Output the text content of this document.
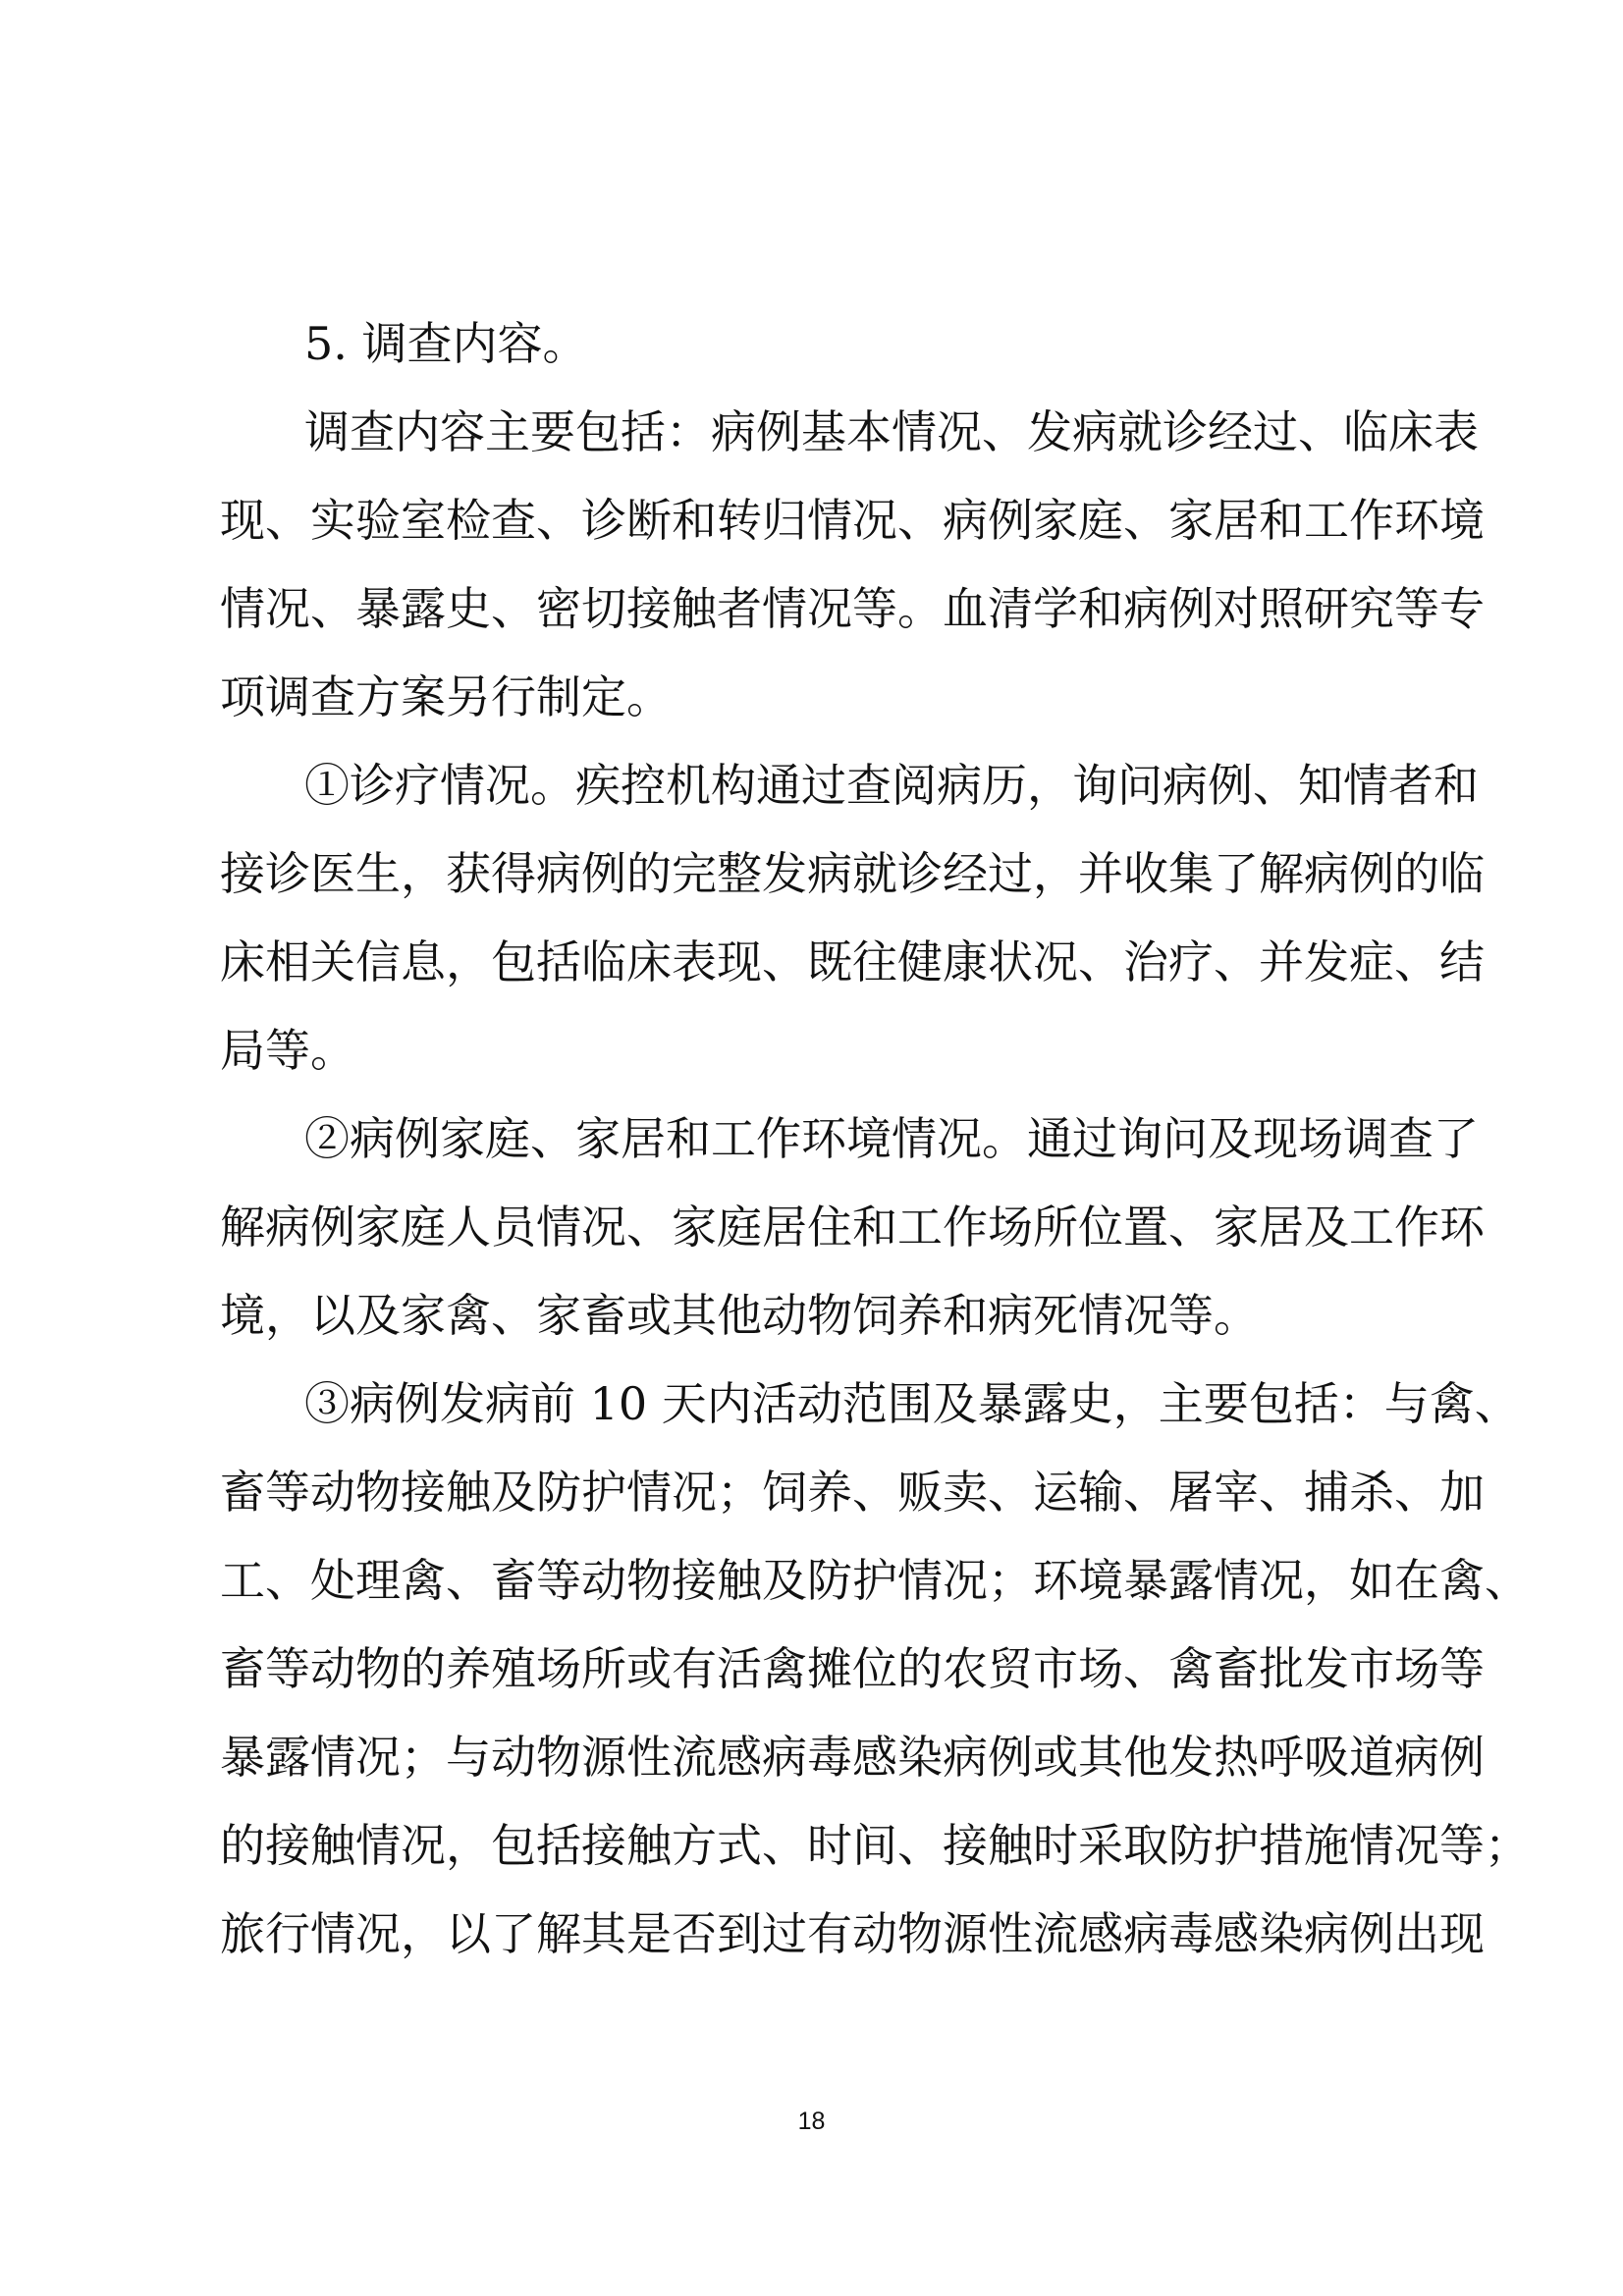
5. 调查内容。
调查内容主要包括：病例基本情况、发病就诊经过、临床表
现、实验室检查、诊断和转归情况、病例家庭、家居和工作环境
情况、暴露史、密切接触者情况等。血清学和病例对照研究等专
项调查方案另行制定。
①诊疗情况。疾控机构通过查阅病历，询问病例、知情者和
接诊医生，获得病例的完整发病就诊经过，并收集了解病例的临
床相关信息，包括临床表现、既往健康状况、治疗、并发症、结
局等。
②病例家庭、家居和工作环境情况。通过询问及现场调查了
解病例家庭人员情况、家庭居住和工作场所位置、家居及工作环
境，以及家禽、家畜或其他动物饲养和病死情况等。
③病例发病前 10 天内活动范围及暴露史，主要包括：与禽、
畜等动物接触及防护情况；饲养、贩卖、运输、屠宰、捕杀、加
工、处理禽、畜等动物接触及防护情况；环境暴露情况，如在禽、
畜等动物的养殖场所或有活禽摊位的农贸市场、禽畜批发市场等
暴露情况；与动物源性流感病毒感染病例或其他发热呼吸道病例
的接触情况，包括接触方式、时间、接触时采取防护措施情况等；
旅行情况，以了解其是否到过有动物源性流感病毒感染病例出现
18
